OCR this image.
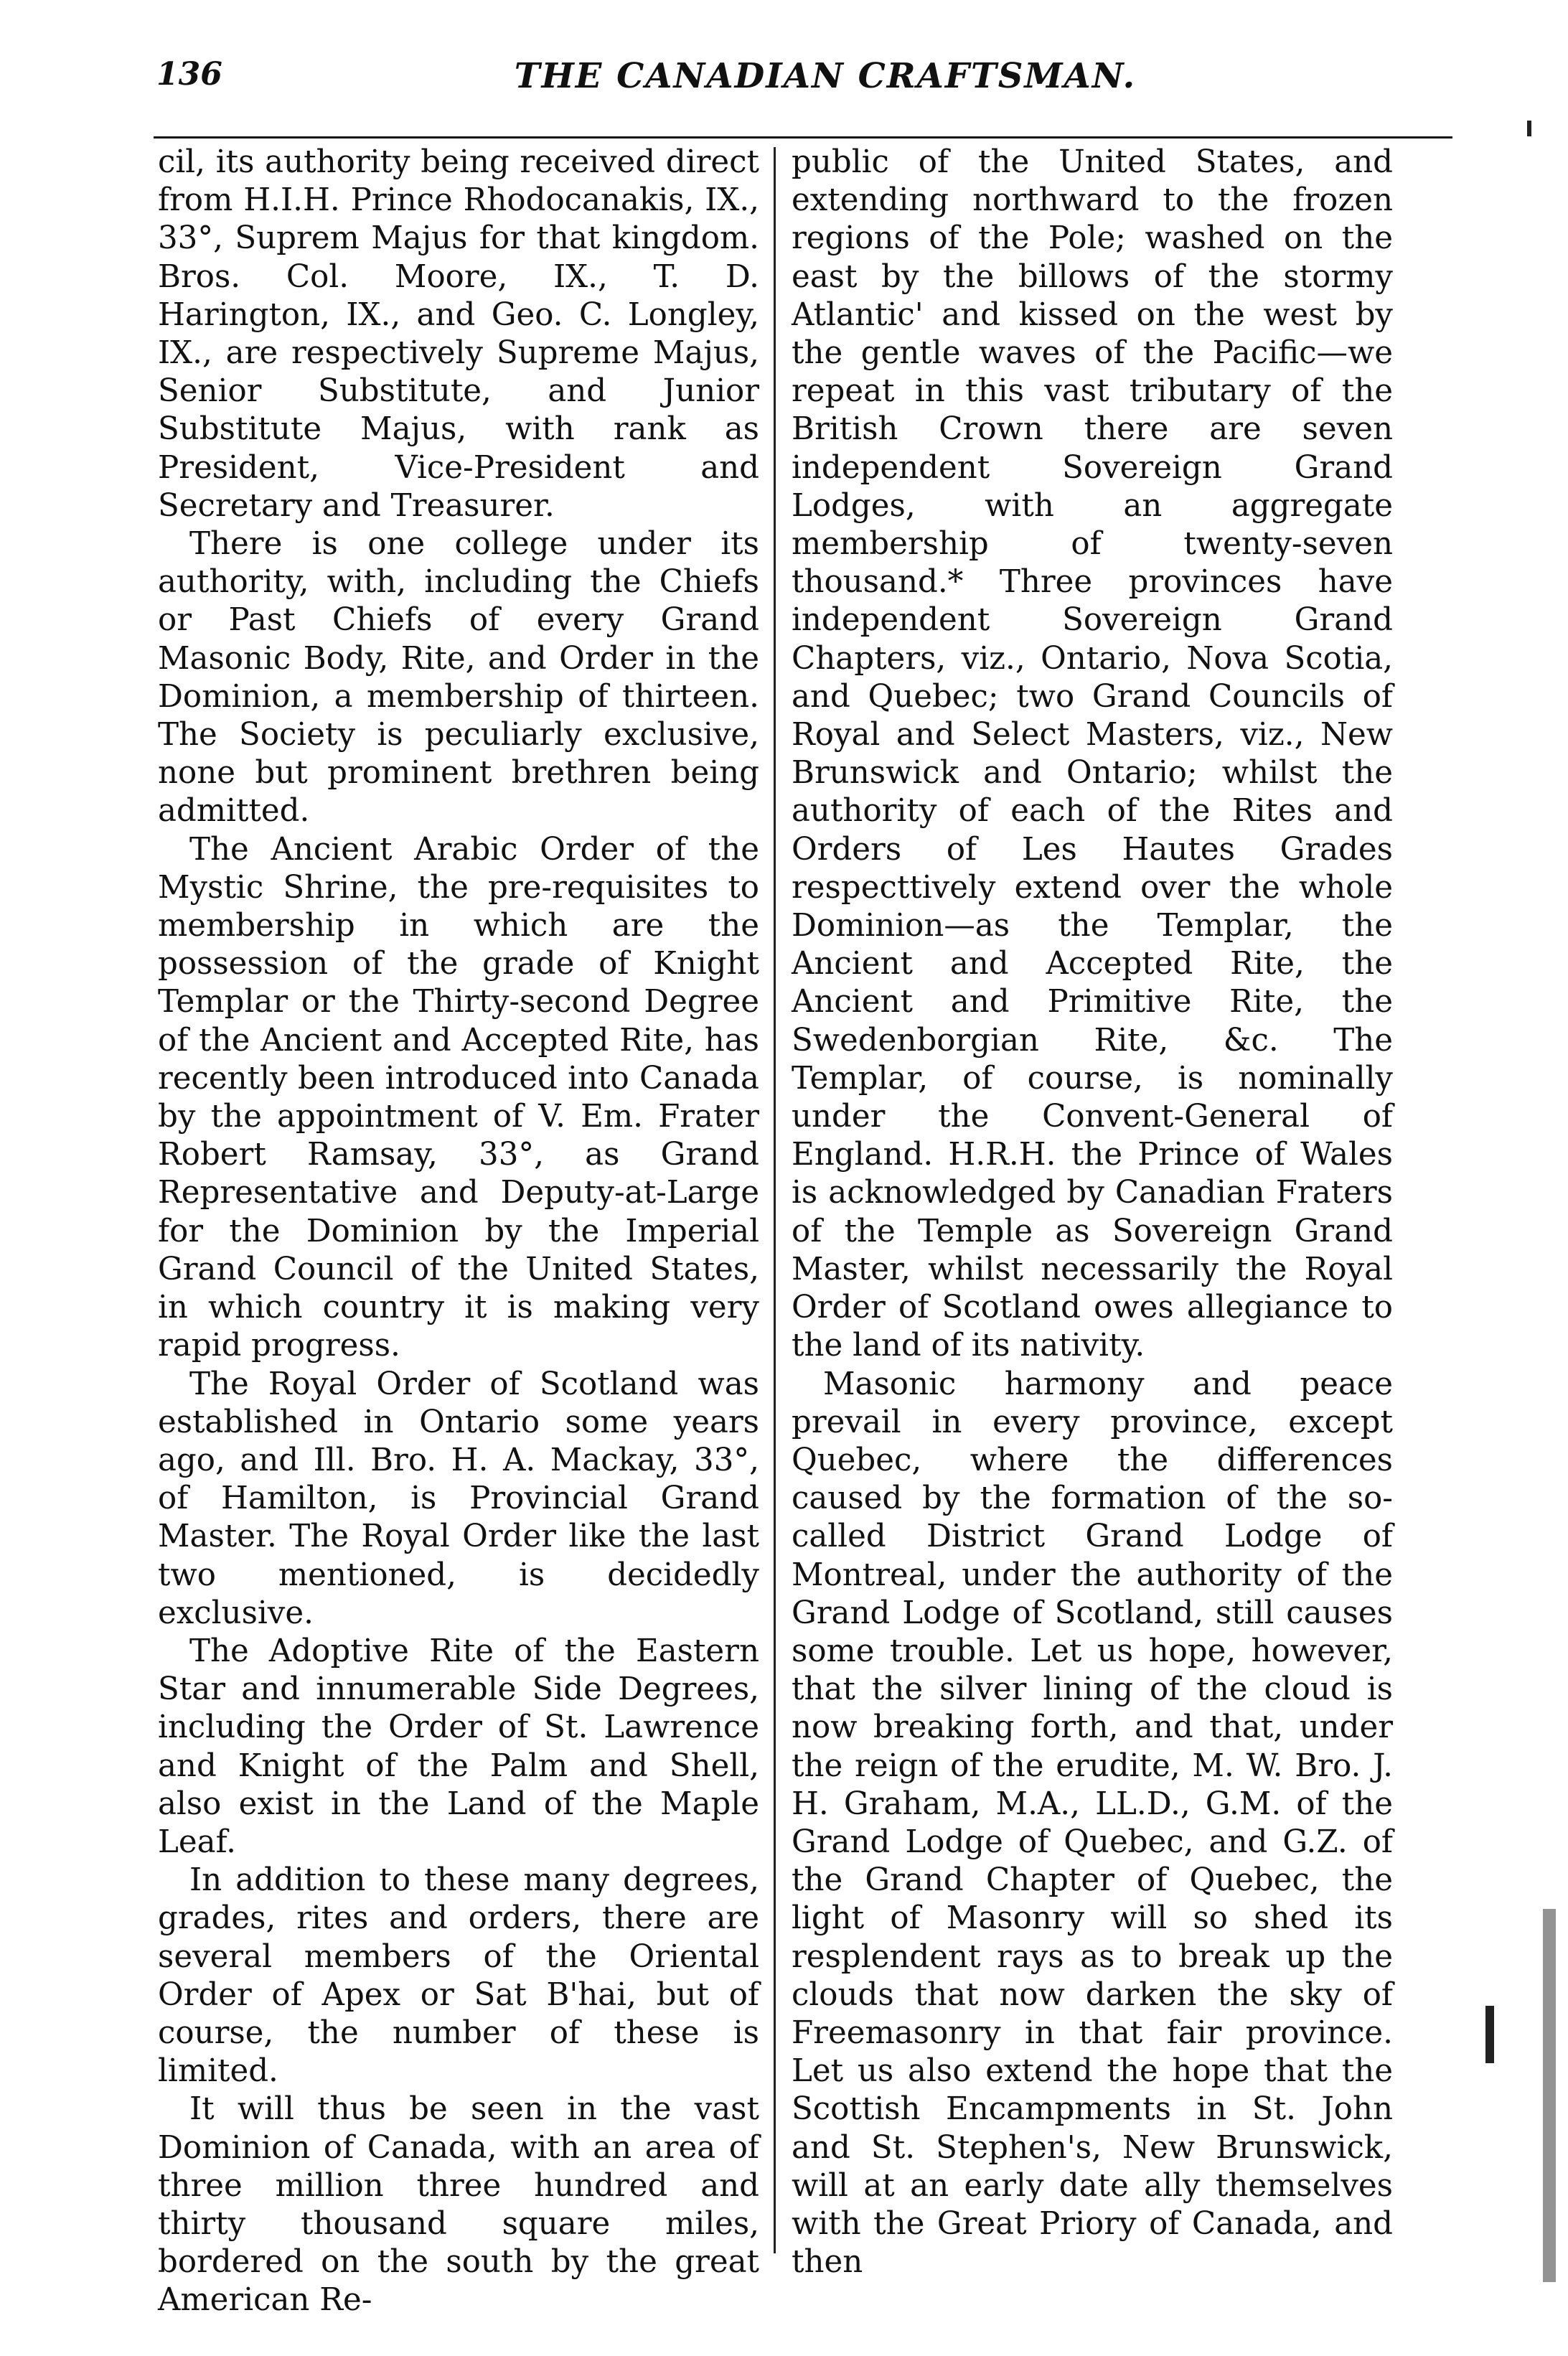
136	THE CANADIAN CRAFTSMAN.

cil, its authority being received direct from H.I.H. Prince Rhodocanakis, IX., 33°, Suprem Majus for that kingdom. Bros. Col. Moore, IX., T. D. Harington, IX., and Geo. C. Longley, IX., are respectively Supreme Majus, Senior Substitute, and Junior Substitute Majus, with rank as President, Vice-President and Secretary and Treasurer.

There is one college under its authority, with, including the Chiefs or Past Chiefs of every Grand Masonic Body, Rite, and Order in the Dominion, a membership of thirteen. The Society is peculiarly exclusive, none but prominent brethren being admitted.

The Ancient Arabic Order of the Mystic Shrine, the pre-requisites to membership in which are the possession of the grade of Knight Templar or the Thirty-second Degree of the Ancient and Accepted Rite, has recently been introduced into Canada by the appointment of V. Em. Frater Robert Ramsay, 33°, as Grand Representative and Deputy-at-Large for the Dominion by the Imperial Grand Council of the United States, in which country it is making very rapid progress.

The Royal Order of Scotland was established in Ontario some years ago, and Ill. Bro. H. A. Mackay, 33°, of Hamilton, is Provincial Grand Master. The Royal Order like the last two mentioned, is decidedly exclusive.

The Adoptive Rite of the Eastern Star and innumerable Side Degrees, including the Order of St. Lawrence and Knight of the Palm and Shell, also exist in the Land of the Maple Leaf.

In addition to these many degrees, grades, rites and orders, there are several members of the Oriental Order of Apex or Sat B'hai, but of course, the number of these is limited.

It will thus be seen in the vast Dominion of Canada, with an area of three million three hundred and thirty thousand square miles, bordered on the south by the great American Re-

public of the United States, and extending northward to the frozen regions of the Pole; washed on the east by the billows of the stormy Atlantic' and kissed on the west by the gentle waves of the Pacific—we repeat in this vast tributary of the British Crown there are seven independent Sovereign Grand Lodges, with an aggregate membership of twenty-seven thousand.* Three provinces have independent Sovereign Grand Chapters, viz., Ontario, Nova Scotia, and Quebec; two Grand Councils of Royal and Select Masters, viz., New Brunswick and Ontario; whilst the authority of each of the Rites and Orders of Les Hautes Grades respecttively extend over the whole Dominion—as the Templar, the Ancient and Accepted Rite, the Ancient and Primitive Rite, the Swedenborgian Rite, &c. The Templar, of course, is nominally under the Convent-General of England. H.R.H. the Prince of Wales is acknowledged by Canadian Fraters of the Temple as Sovereign Grand Master, whilst necessarily the Royal Order of Scotland owes allegiance to the land of its nativity.

Masonic harmony and peace prevail in every province, except Quebec, where the differences caused by the formation of the so-called District Grand Lodge of Montreal, under the authority of the Grand Lodge of Scotland, still causes some trouble. Let us hope, however, that the silver lining of the cloud is now breaking forth, and that, under the reign of the erudite, M. W. Bro. J. H. Graham, M.A., LL.D., G.M. of the Grand Lodge of Quebec, and G.Z. of the Grand Chapter of Quebec, the light of Masonry will so shed its resplendent rays as to break up the clouds that now darken the sky of Freemasonry in that fair province. Let us also extend the hope that the Scottish Encampments in St. John and St. Stephen's, New Brunswick, will at an early date ally themselves with the Great Priory of Canada, and then
